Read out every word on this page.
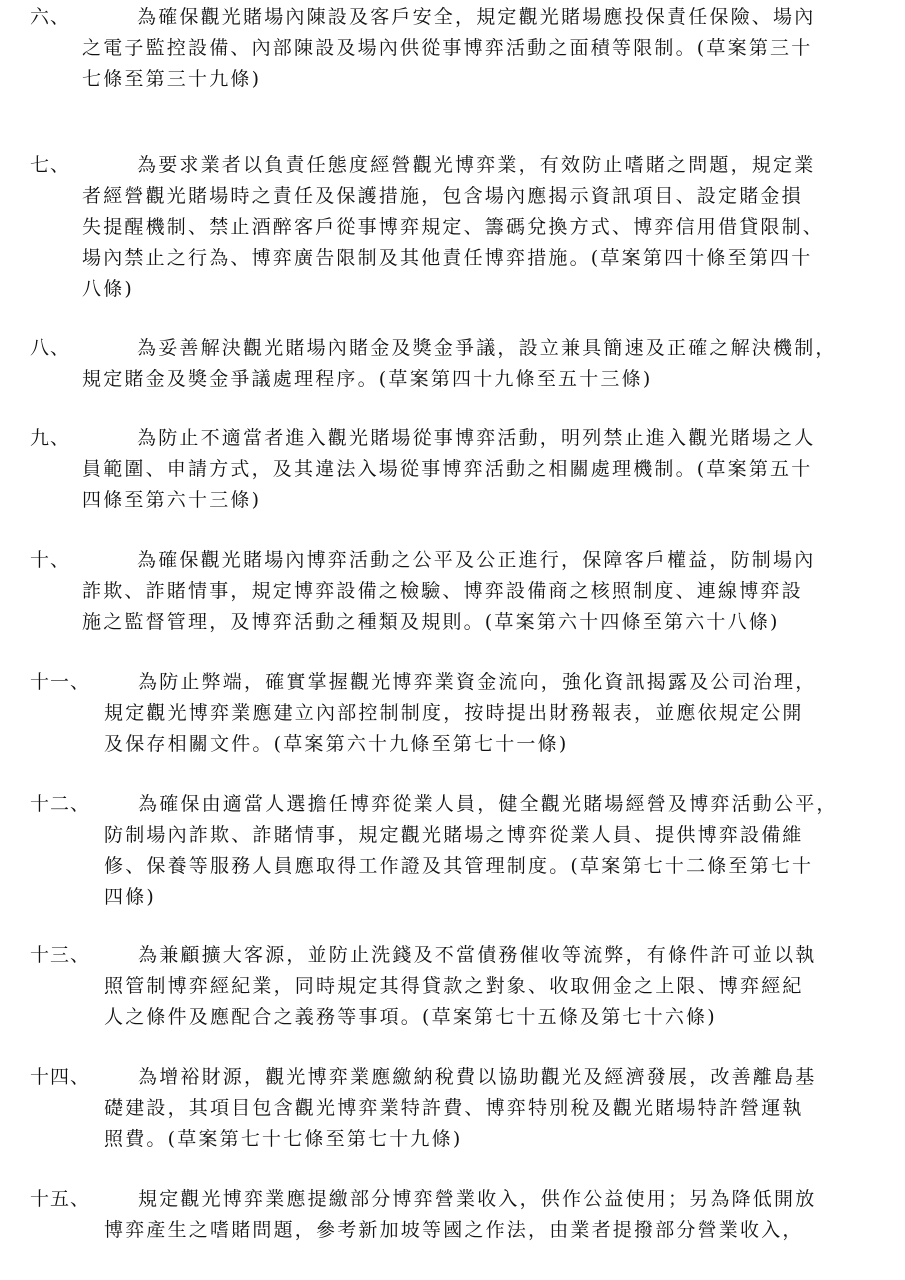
六、	為確保觀光賭場內陳設及客戶安全，規定觀光賭場應投保責任保險、場內
之電子監控設備、內部陳設及場內供從事博弈活動之面積等限制。(草案第三十
七條至第三十九條)
七、	為要求業者以負責任態度經營觀光博弈業，有效防止嗜賭之問題，規定業
者經營觀光賭場時之責任及保護措施，包含場內應揭示資訊項目、設定賭金損
失提醒機制、禁止酒醉客戶從事博弈規定、籌碼兌換方式、博弈信用借貸限制、
場內禁止之行為、博弈廣告限制及其他責任博弈措施。(草案第四十條至第四十
八條)
八、	為妥善解決觀光賭場內賭金及獎金爭議，設立兼具簡速及正確之解決機制，
規定賭金及獎金爭議處理程序。(草案第四十九條至五十三條)
九、	為防止不適當者進入觀光賭場從事博弈活動，明列禁止進入觀光賭場之人
員範圍、申請方式，及其違法入場從事博弈活動之相關處理機制。(草案第五十
四條至第六十三條)
十、	為確保觀光賭場內博弈活動之公平及公正進行，保障客戶權益，防制場內
詐欺、詐賭情事，規定博弈設備之檢驗、博弈設備商之核照制度、連線博弈設
施之監督管理，及博弈活動之種類及規則。(草案第六十四條至第六十八條)
十一、	為防止弊端，確實掌握觀光博弈業資金流向，強化資訊揭露及公司治理，
規定觀光博弈業應建立內部控制制度，按時提出財務報表，並應依規定公開
及保存相關文件。(草案第六十九條至第七十一條)
十二、	為確保由適當人選擔任博弈從業人員，健全觀光賭場經營及博弈活動公平，
防制場內詐欺、詐賭情事，規定觀光賭場之博弈從業人員、提供博弈設備維
修、保養等服務人員應取得工作證及其管理制度。(草案第七十二條至第七十
四條)
十三、	為兼顧擴大客源，並防止洗錢及不當債務催收等流弊，有條件許可並以執
照管制博弈經紀業，同時規定其得貸款之對象、收取佣金之上限、博弈經紀
人之條件及應配合之義務等事項。(草案第七十五條及第七十六條)
十四、	為增裕財源，觀光博弈業應繳納稅費以協助觀光及經濟發展，改善離島基
礎建設，其項目包含觀光博弈業特許費、博弈特別稅及觀光賭場特許營運執
照費。(草案第七十七條至第七十九條)
十五、	規定觀光博弈業應提繳部分博弈營業收入，供作公益使用；另為降低開放
博弈產生之嗜賭問題，參考新加坡等國之作法，由業者提撥部分營業收入，
